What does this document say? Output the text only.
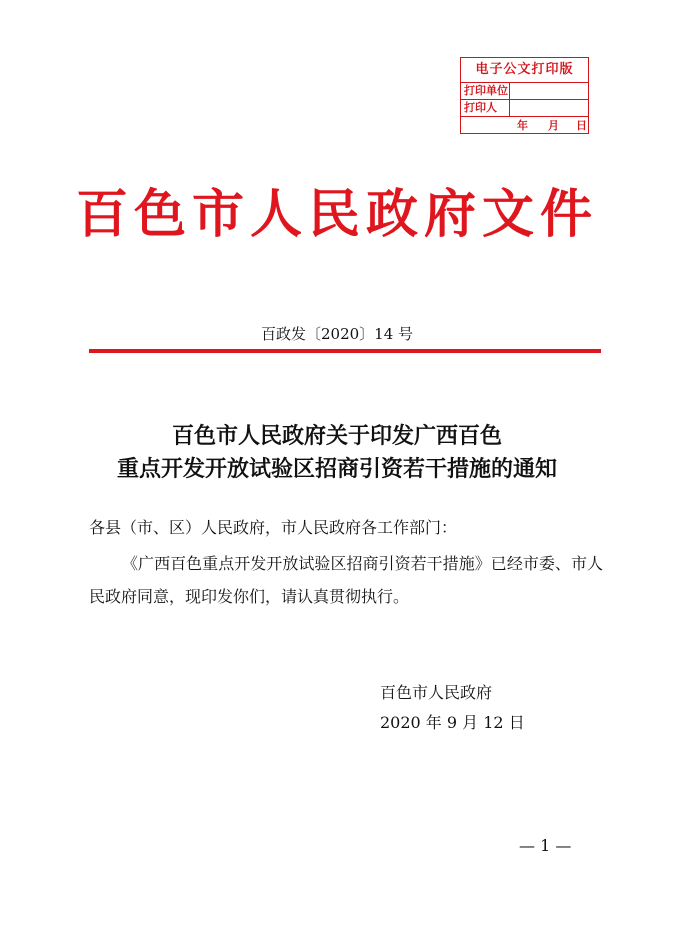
电子公文打印版
打印单位
打印人
年 月 日
百色市人民政府文件
百政发〔2020〕14 号
百色市人民政府关于印发广西百色
重点开发开放试验区招商引资若干措施的通知
各县（市、区）人民政府，市人民政府各工作部门：
《广西百色重点开发开放试验区招商引资若干措施》已经市委、市人民政府同意，现印发你们，请认真贯彻执行。
百色市人民政府
2020 年 9 月 12 日
— 1 —
